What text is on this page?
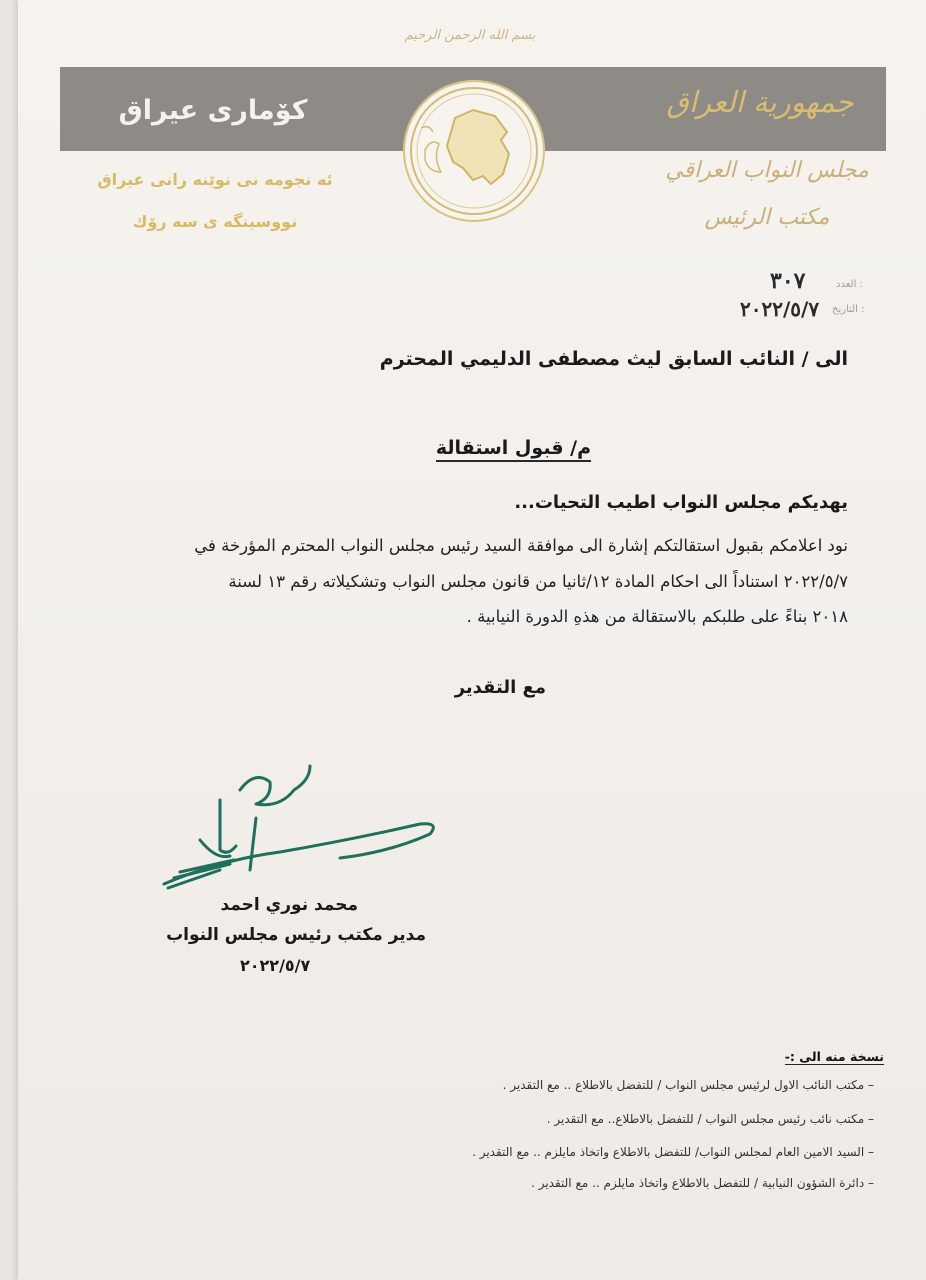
بسم الله الرحمن الرحيم
كۆمارى عيراق	جمهورية العراق
ئه نجومه نى نوێنه رانى عيراق
نووسينگه ى سه رۆك
مجلس النواب العراقي
مكتب الرئيس
العدد :
٣٠٧
التاريخ :
٢٠٢٢/٥/٧
الى / النائب السابق ليث مصطفى الدليمي المحترم
م/ قبول استقالة
يهديكم مجلس النواب اطيب التحيات...
نود اعلامكم بقبول استقالتكم إشارة الى موافقة السيد رئيس مجلس النواب المحترم المؤرخة في
٢٠٢٢/٥/٧ استناداً الى احكام المادة ١٢/ثانيا من قانون مجلس النواب وتشكيلاته رقم ١٣ لسنة
٢٠١٨ بناءً على طلبكم بالاستقالة من هذهِ الدورة النيابية .
مع التقدير
محمد نوري احمد
مدير مكتب رئيس مجلس النواب
٢٠٢٢/٥/٧
نسخة منه الى :-
– مكتب النائب الاول لرئيس مجلس النواب / للتفضل بالاطلاع .. مع التقدير .
– مكتب نائب رئيس مجلس النواب / للتفضل بالاطلاع.. مع التقدير .
– السيد الامين العام لمجلس النواب/ للتفضل بالاطلاع واتخاذ مايلزم .. مع التقدير .
– دائرة الشؤون النيابية / للتفضل بالاطلاع واتخاذ مايلزم .. مع التقدير .
